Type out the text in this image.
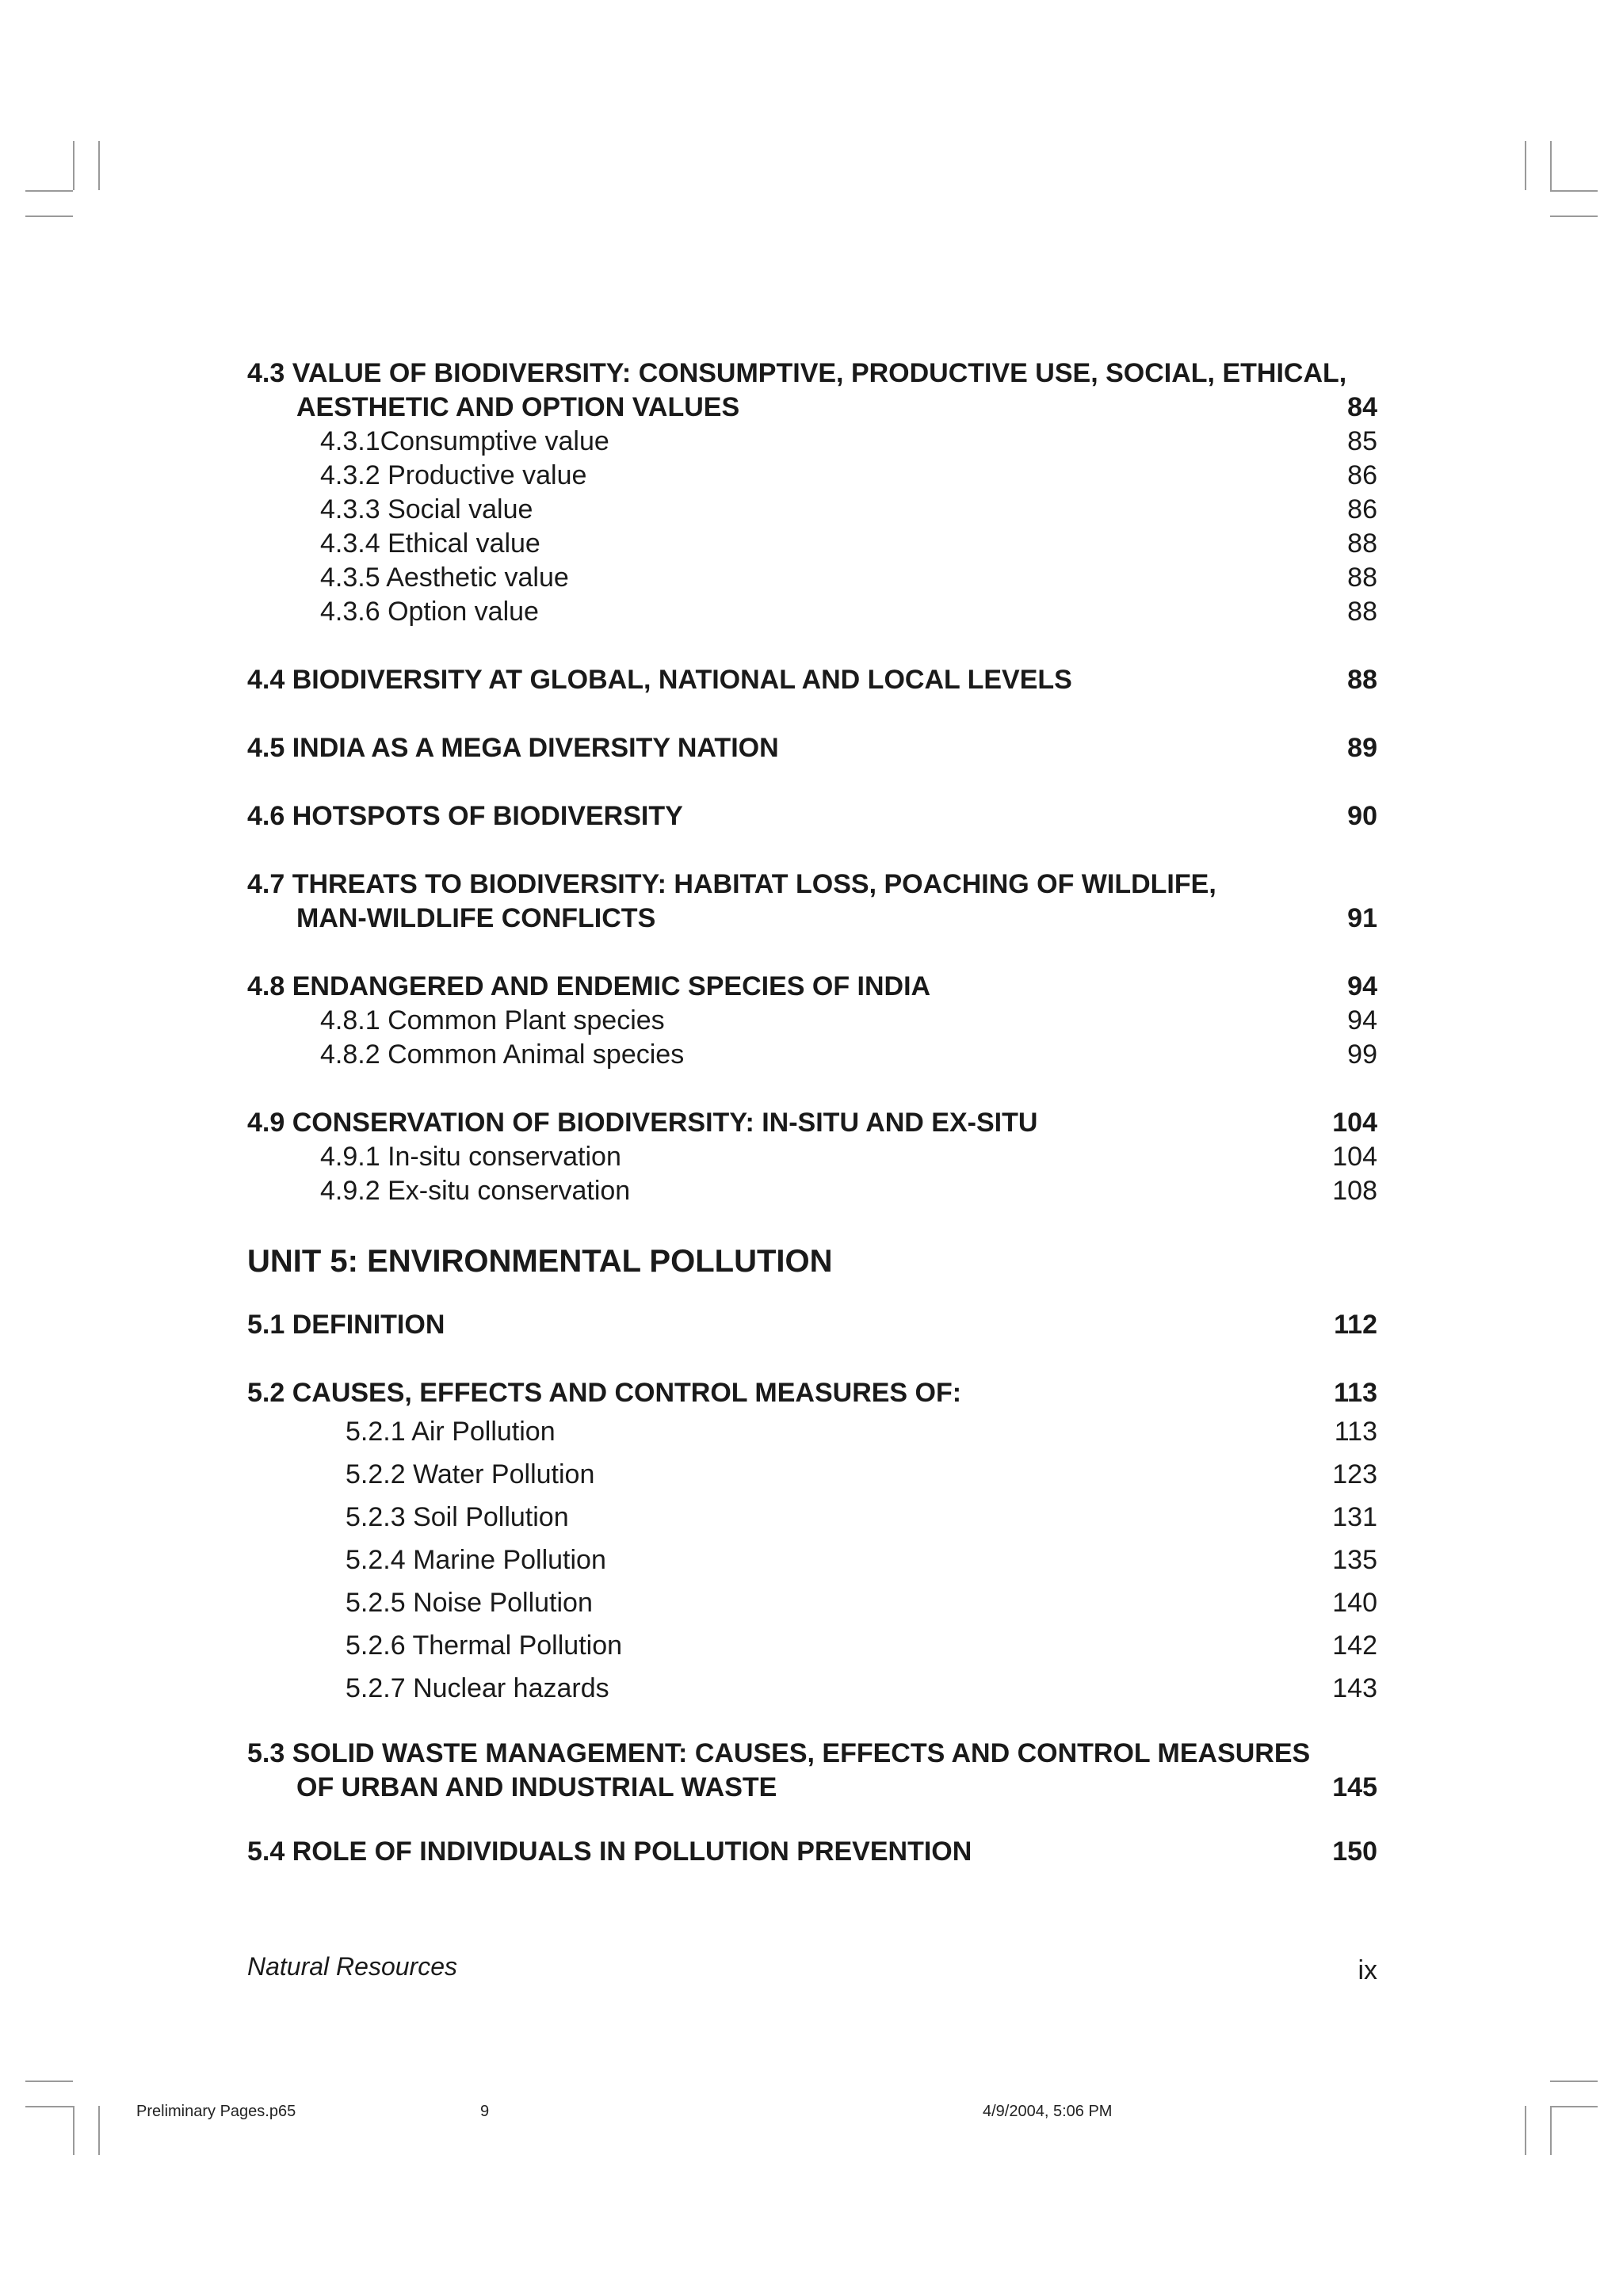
4.3 VALUE OF BIODIVERSITY: CONSUMPTIVE, PRODUCTIVE USE, SOCIAL, ETHICAL,
AESTHETIC AND OPTION VALUES	84
4.3.1Consumptive value	85
4.3.2 Productive value	86
4.3.3 Social value	86
4.3.4 Ethical value	88
4.3.5 Aesthetic value	88
4.3.6 Option value	88
4.4 BIODIVERSITY AT GLOBAL, NATIONAL AND LOCAL LEVELS	88
4.5 INDIA AS A MEGA DIVERSITY NATION	89
4.6 HOTSPOTS OF BIODIVERSITY	90
4.7 THREATS TO BIODIVERSITY: HABITAT LOSS, POACHING OF WILDLIFE,
MAN-WILDLIFE CONFLICTS	91
4.8 ENDANGERED AND ENDEMIC SPECIES OF INDIA	94
4.8.1 Common Plant species	94
4.8.2 Common Animal species	99
4.9 CONSERVATION OF BIODIVERSITY: IN-SITU AND EX-SITU	104
4.9.1 In-situ conservation	104
4.9.2 Ex-situ conservation	108
UNIT 5: ENVIRONMENTAL POLLUTION
5.1 DEFINITION	112
5.2 CAUSES, EFFECTS AND CONTROL MEASURES OF:	113
5.2.1 Air Pollution	113
5.2.2 Water Pollution	123
5.2.3 Soil Pollution	131
5.2.4 Marine Pollution	135
5.2.5 Noise Pollution	140
5.2.6 Thermal Pollution	142
5.2.7 Nuclear hazards	143
5.3 SOLID WASTE MANAGEMENT: CAUSES, EFFECTS AND CONTROL MEASURES
OF URBAN AND INDUSTRIAL WASTE	145
5.4 ROLE OF INDIVIDUALS IN POLLUTION PREVENTION	150
Natural Resources	ix
Preliminary Pages.p65	9	4/9/2004, 5:06 PM
